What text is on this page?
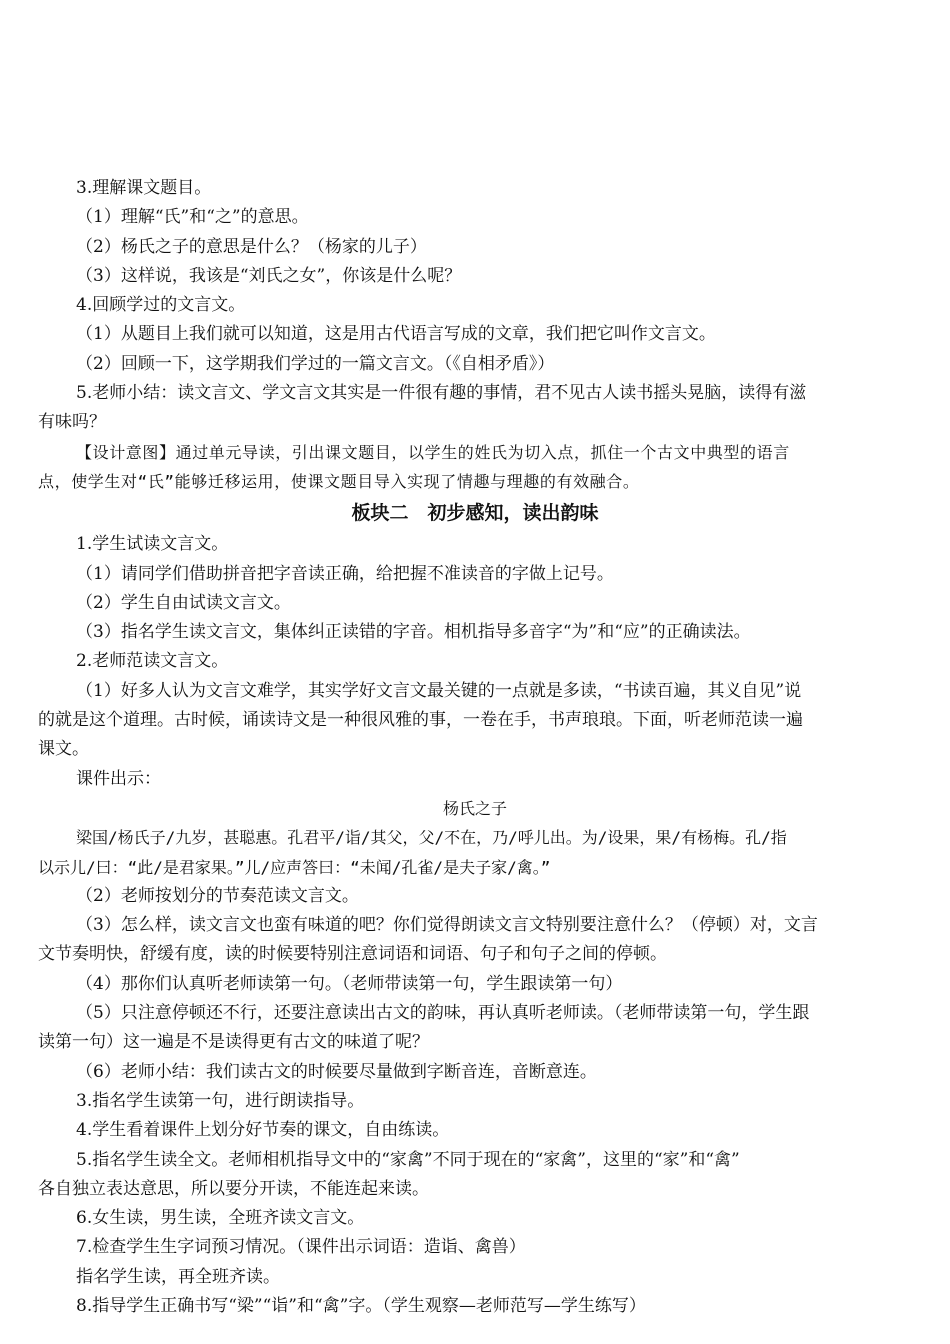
3.理解课文题目。
（1）理解“氏”和“之”的意思。
（2）杨氏之子的意思是什么？（杨家的儿子）
（3）这样说，我该是“刘氏之女”，你该是什么呢？
4.回顾学过的文言文。
（1）从题目上我们就可以知道，这是用古代语言写成的文章，我们把它叫作文言文。
（2）回顾一下，这学期我们学过的一篇文言文。（《自相矛盾》）
5.老师小结：读文言文、学文言文其实是一件很有趣的事情，君不见古人读书摇头晃脑，读得有滋
有味吗？
【设计意图】通过单元导读，引出课文题目，以学生的姓氏为切入点，抓住一个古文中典型的语言
点，使学生对“氏”能够迁移运用，使课文题目导入实现了情趣与理趣的有效融合。
板块二　初步感知，读出韵味
1.学生试读文言文。
（1）请同学们借助拼音把字音读正确，给把握不准读音的字做上记号。
（2）学生自由试读文言文。
（3）指名学生读文言文，集体纠正读错的字音。相机指导多音字“为”和“应”的正确读法。
2.老师范读文言文。
（1）好多人认为文言文难学，其实学好文言文最关键的一点就是多读，“书读百遍，其义自见”说
的就是这个道理。古时候，诵读诗文是一种很风雅的事，一卷在手，书声琅琅。下面，听老师范读一遍
课文。
课件出示：
杨氏之子
梁国/杨氏子/九岁，甚聪惠。孔君平/诣/其父，父/不在，乃/呼儿出。为/设果，果/有杨梅。孔/指
以示儿/曰：“此/是君家果。”儿/应声答曰：“未闻/孔雀/是夫子家/禽。”
（2）老师按划分的节奏范读文言文。
（3）怎么样，读文言文也蛮有味道的吧？你们觉得朗读文言文特别要注意什么？（停顿）对，文言
文节奏明快，舒缓有度，读的时候要特别注意词语和词语、句子和句子之间的停顿。
（4）那你们认真听老师读第一句。（老师带读第一句，学生跟读第一句）
（5）只注意停顿还不行，还要注意读出古文的韵味，再认真听老师读。（老师带读第一句，学生跟
读第一句）这一遍是不是读得更有古文的味道了呢？
（6）老师小结：我们读古文的时候要尽量做到字断音连，音断意连。
3.指名学生读第一句，进行朗读指导。
4.学生看着课件上划分好节奏的课文，自由练读。
5.指名学生读全文。老师相机指导文中的“家禽”不同于现在的“家禽”，这里的“家”和“禽”
各自独立表达意思，所以要分开读，不能连起来读。
6.女生读，男生读，全班齐读文言文。
7.检查学生生字词预习情况。（课件出示词语：造诣、禽兽）
指名学生读，再全班齐读。
8.指导学生正确书写“梁”“诣”和“禽”字。（学生观察—老师范写—学生练写）
